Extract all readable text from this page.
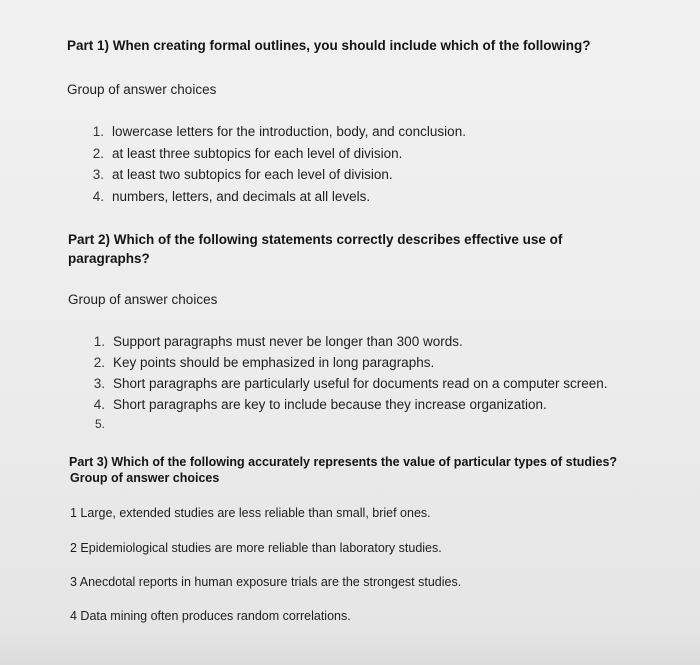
Part 1) When creating formal outlines, you should include which of the following?
Group of answer choices
1. lowercase letters for the introduction, body, and conclusion.
2. at least three subtopics for each level of division.
3. at least two subtopics for each level of division.
4. numbers, letters, and decimals at all levels.
Part 2) Which of the following statements correctly describes effective use of
paragraphs?
Group of answer choices
1. Support paragraphs must never be longer than 300 words.
2. Key points should be emphasized in long paragraphs.
3. Short paragraphs are particularly useful for documents read on a computer screen.
4. Short paragraphs are key to include because they increase organization.
5.
Part 3) Which of the following accurately represents the value of particular types of studies?
Group of answer choices
1 Large, extended studies are less reliable than small, brief ones.
2 Epidemiological studies are more reliable than laboratory studies.
3 Anecdotal reports in human exposure trials are the strongest studies.
4 Data mining often produces random correlations.
